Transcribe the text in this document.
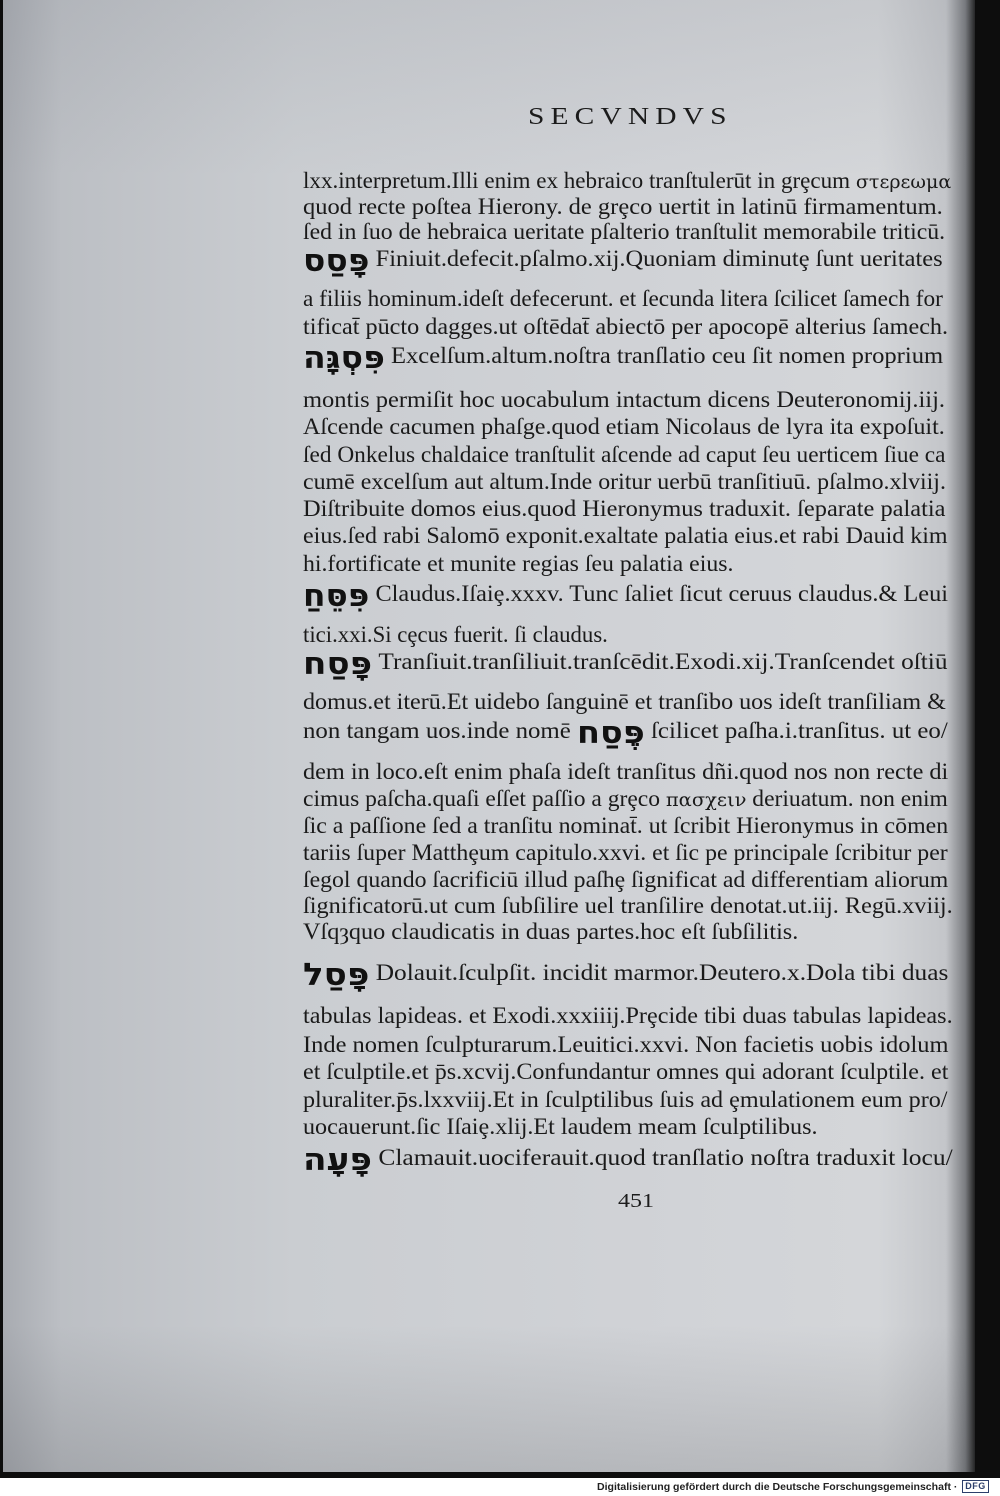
SECVNDVS
lxx.interpretum.Illi enim ex hebraico tranſtulerūt in grȩcum στερεωμα
quod recte poſtea Hierony. de grȩco uertit in latinū firmamentum.
ſed in ſuo de hebraica ueritate pſalterio tranſtulit memorabile triticū.
פָּסַס Finiuit.defecit.pſalmo.xij.Quoniam diminutȩ ſunt ueritates
a filiis hominum.ideſt defecerunt. et ſecunda litera ſcilicet ſamech for
tificat̄ pūcto dagges.ut oſtēdat̄ abiectō per apocopē alterius ſamech.
פִּסְגָּה Excelſum.altum.noſtra tranſlatio ceu ſit nomen proprium
montis permiſit hoc uocabulum intactum dicens Deuteronomij.iij.
Aſcende cacumen phaſge.quod etiam Nicolaus de lyra ita expoſuit.
ſed Onkelus chaldaice tranſtulit aſcende ad caput ſeu uerticem ſiue ca
cumē excelſum aut altum.Inde oritur uerbū tranſitiuū. pſalmo.xlviij.
Diſtribuite domos eius.quod Hieronymus traduxit. ſeparate palatia
eius.ſed rabi Salomō exponit.exaltate palatia eius.et rabi Dauid kim
hi.fortificate et munite regias ſeu palatia eius.
פִּסֵּחַ Claudus.Iſaiȩ.xxxv. Tunc ſaliet ſicut ceruus claudus.& Leui
tici.xxi.Si cȩcus fuerit. ſi claudus.
פָּסַח Tranſiuit.tranſiliuit.tranſcēdit.Exodi.xij.Tranſcendet oſtiū
domus.et iterū.Et uidebo ſanguinē et tranſibo uos ideſt tranſiliam &
non tangam uos.inde nomē פֶּסַח ſcilicet paſha.i.tranſitus. ut eo/
dem in loco.eſt enim phaſa ideſt tranſitus dñi.quod nos non recte di
cimus paſcha.quaſi eſſet paſſio a grȩco πασχειν deriuatum. non enim
ſic a paſſione ſed a tranſitu nominat̄. ut ſcribit Hieronymus in cōmen
tariis ſuper Matthȩum capitulo.xxvi. et ſic pe principale ſcribitur per
ſegol quando ſacrificiū illud paſhȩ ſignificat ad differentiam aliorum
ſignificatorū.ut cum ſubſilire uel tranſilire denotat.ut.iij. Regū.xviij.
Vſqȝquo claudicatis in duas partes.hoc eſt ſubſilitis.
פָּסַל Dolauit.ſculpſit. incidit marmor.Deutero.x.Dola tibi duas
tabulas lapideas. et Exodi.xxxiiij.Prȩcide tibi duas tabulas lapideas.
Inde nomen ſculpturarum.Leuitici.xxvi. Non facietis uobis idolum
et ſculptile.et p̄s.xcvij.Confundantur omnes qui adorant ſculptile. et
pluraliter.p̄s.lxxviij.Et in ſculptilibus ſuis ad ȩmulationem eum pro/
uocauerunt.ſic Iſaiȩ.xlij.Et laudem meam ſculptilibus.
פָּעָה Clamauit.uociferauit.quod tranſlatio noſtra traduxit locu/
451
Digitalisierung gefördert durch die Deutsche Forschungsgemeinschaft · DFG
